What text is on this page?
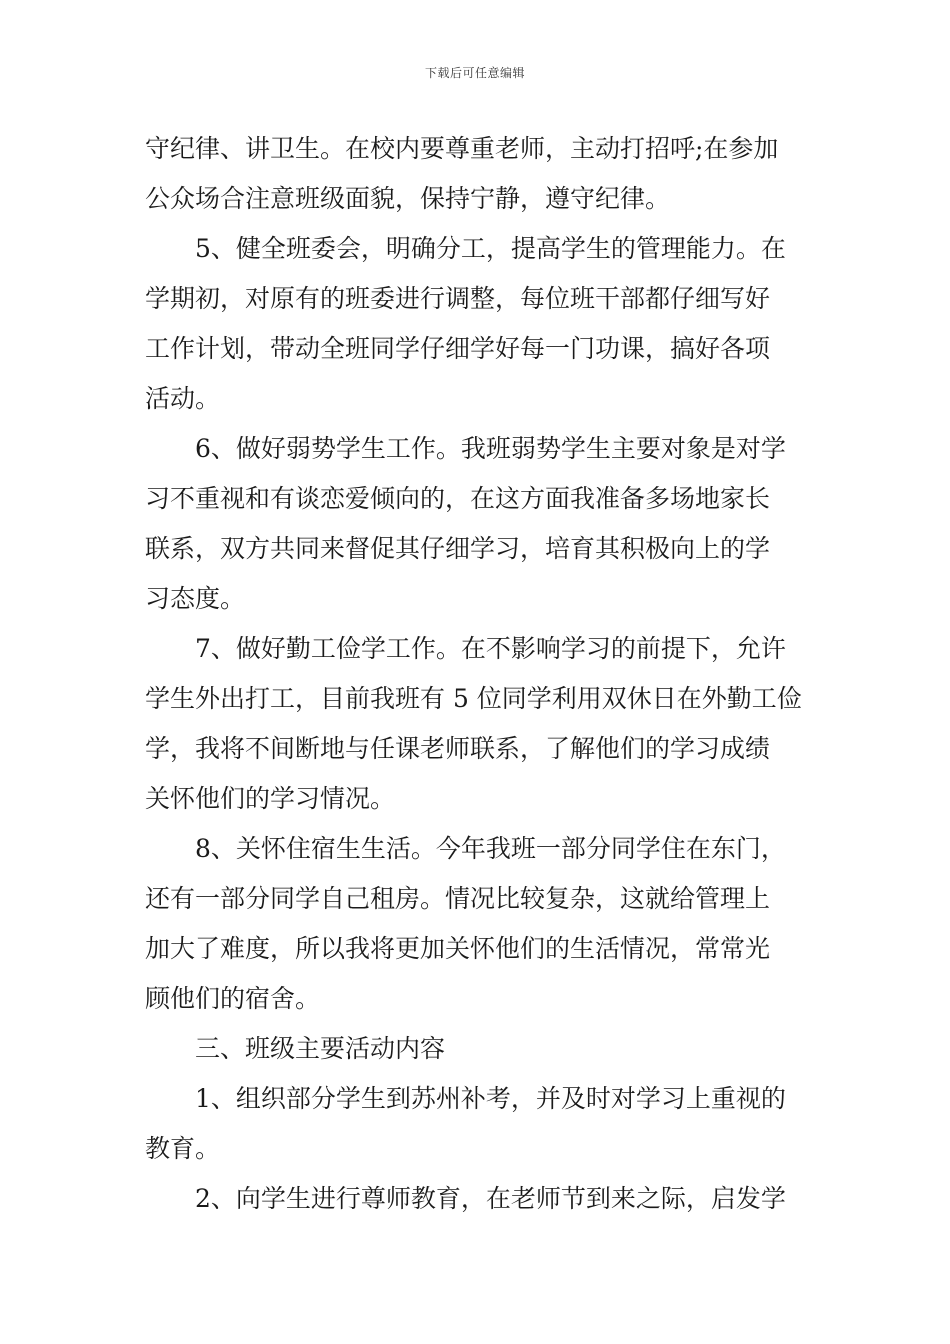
下载后可任意编辑
守纪律、讲卫生。在校内要尊重老师，主动打招呼;在参加
公众场合注意班级面貌，保持宁静，遵守纪律。
5、健全班委会，明确分工，提高学生的管理能力。在
学期初，对原有的班委进行调整，每位班干部都仔细写好
工作计划，带动全班同学仔细学好每一门功课，搞好各项
活动。
6、做好弱势学生工作。我班弱势学生主要对象是对学
习不重视和有谈恋爱倾向的，在这方面我准备多场地家长
联系，双方共同来督促其仔细学习，培育其积极向上的学
习态度。
7、做好勤工俭学工作。在不影响学习的前提下，允许
学生外出打工，目前我班有 5 位同学利用双休日在外勤工俭
学，我将不间断地与任课老师联系，了解他们的学习成绩
关怀他们的学习情况。
8、关怀住宿生生活。今年我班一部分同学住在东门，
还有一部分同学自己租房。情况比较复杂，这就给管理上
加大了难度，所以我将更加关怀他们的生活情况，常常光
顾他们的宿舍。
三、班级主要活动内容
1、组织部分学生到苏州补考，并及时对学习上重视的
教育。
2、向学生进行尊师教育，在老师节到来之际，启发学
